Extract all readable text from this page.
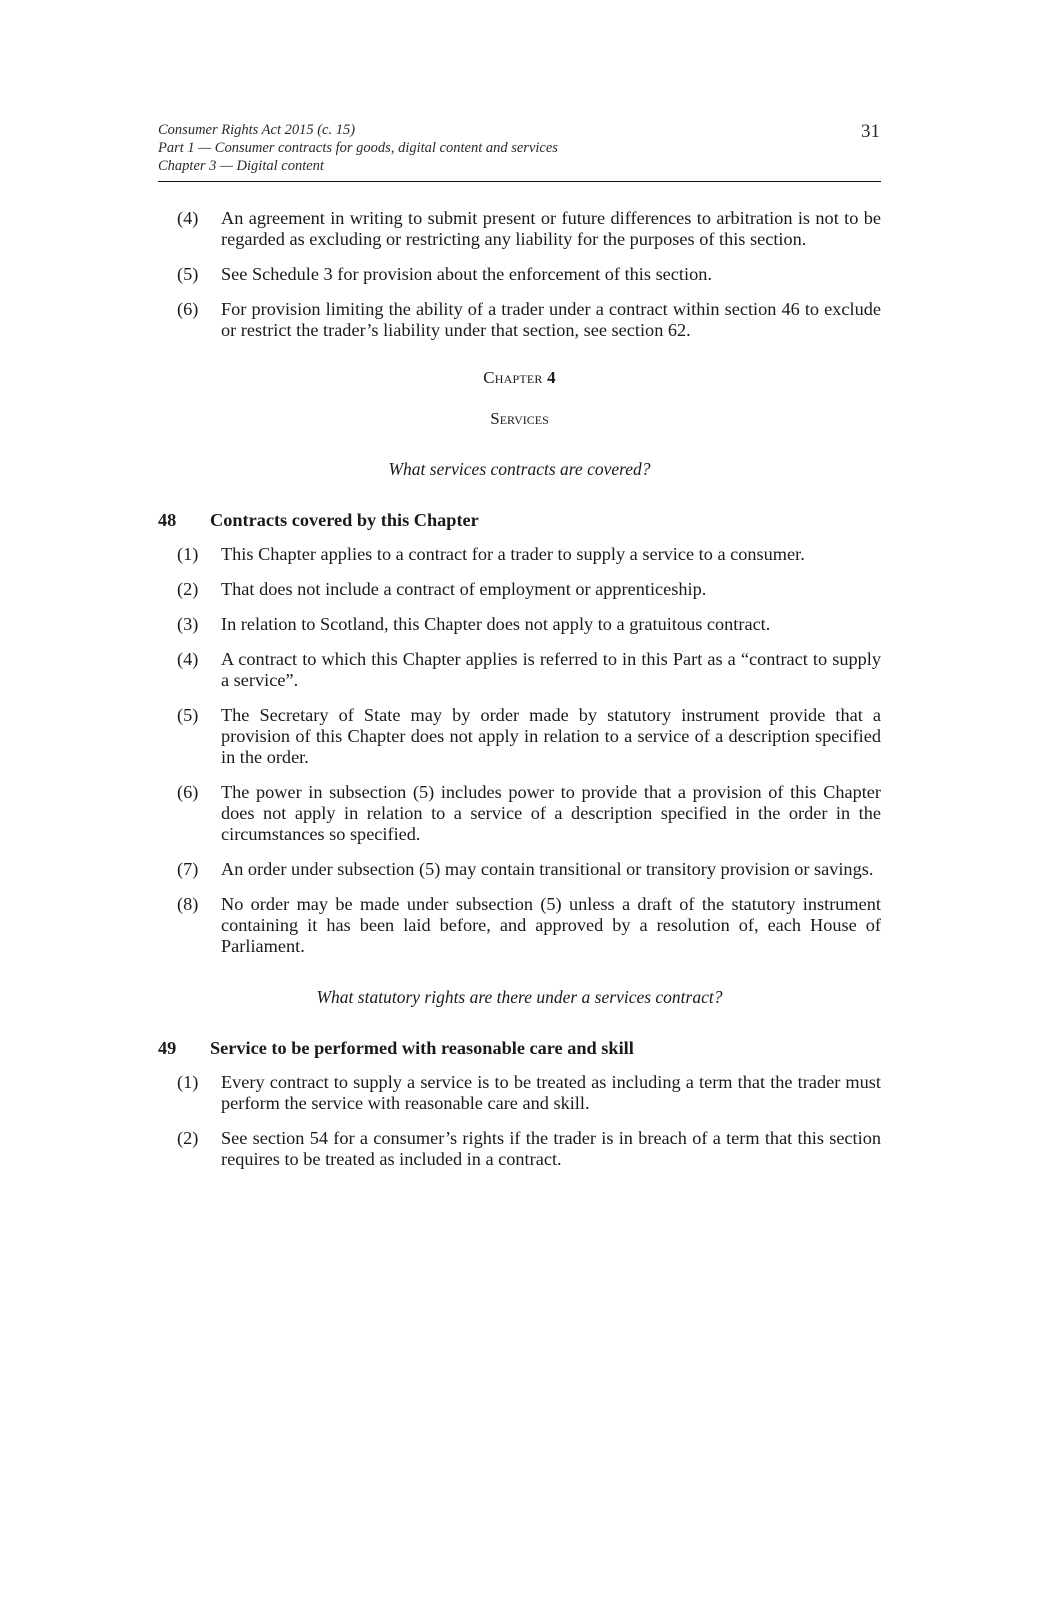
Consumer Rights Act 2015 (c. 15)
Part 1 — Consumer contracts for goods, digital content and services
Chapter 3 — Digital content
31
(4)	An agreement in writing to submit present or future differences to arbitration is not to be regarded as excluding or restricting any liability for the purposes of this section.
(5)	See Schedule 3 for provision about the enforcement of this section.
(6)	For provision limiting the ability of a trader under a contract within section 46 to exclude or restrict the trader’s liability under that section, see section 62.
Chapter 4
Services
What services contracts are covered?
48	Contracts covered by this Chapter
(1)	This Chapter applies to a contract for a trader to supply a service to a consumer.
(2)	That does not include a contract of employment or apprenticeship.
(3)	In relation to Scotland, this Chapter does not apply to a gratuitous contract.
(4)	A contract to which this Chapter applies is referred to in this Part as a “contract to supply a service”.
(5)	The Secretary of State may by order made by statutory instrument provide that a provision of this Chapter does not apply in relation to a service of a description specified in the order.
(6)	The power in subsection (5) includes power to provide that a provision of this Chapter does not apply in relation to a service of a description specified in the order in the circumstances so specified.
(7)	An order under subsection (5) may contain transitional or transitory provision or savings.
(8)	No order may be made under subsection (5) unless a draft of the statutory instrument containing it has been laid before, and approved by a resolution of, each House of Parliament.
What statutory rights are there under a services contract?
49	Service to be performed with reasonable care and skill
(1)	Every contract to supply a service is to be treated as including a term that the trader must perform the service with reasonable care and skill.
(2)	See section 54 for a consumer’s rights if the trader is in breach of a term that this section requires to be treated as included in a contract.
